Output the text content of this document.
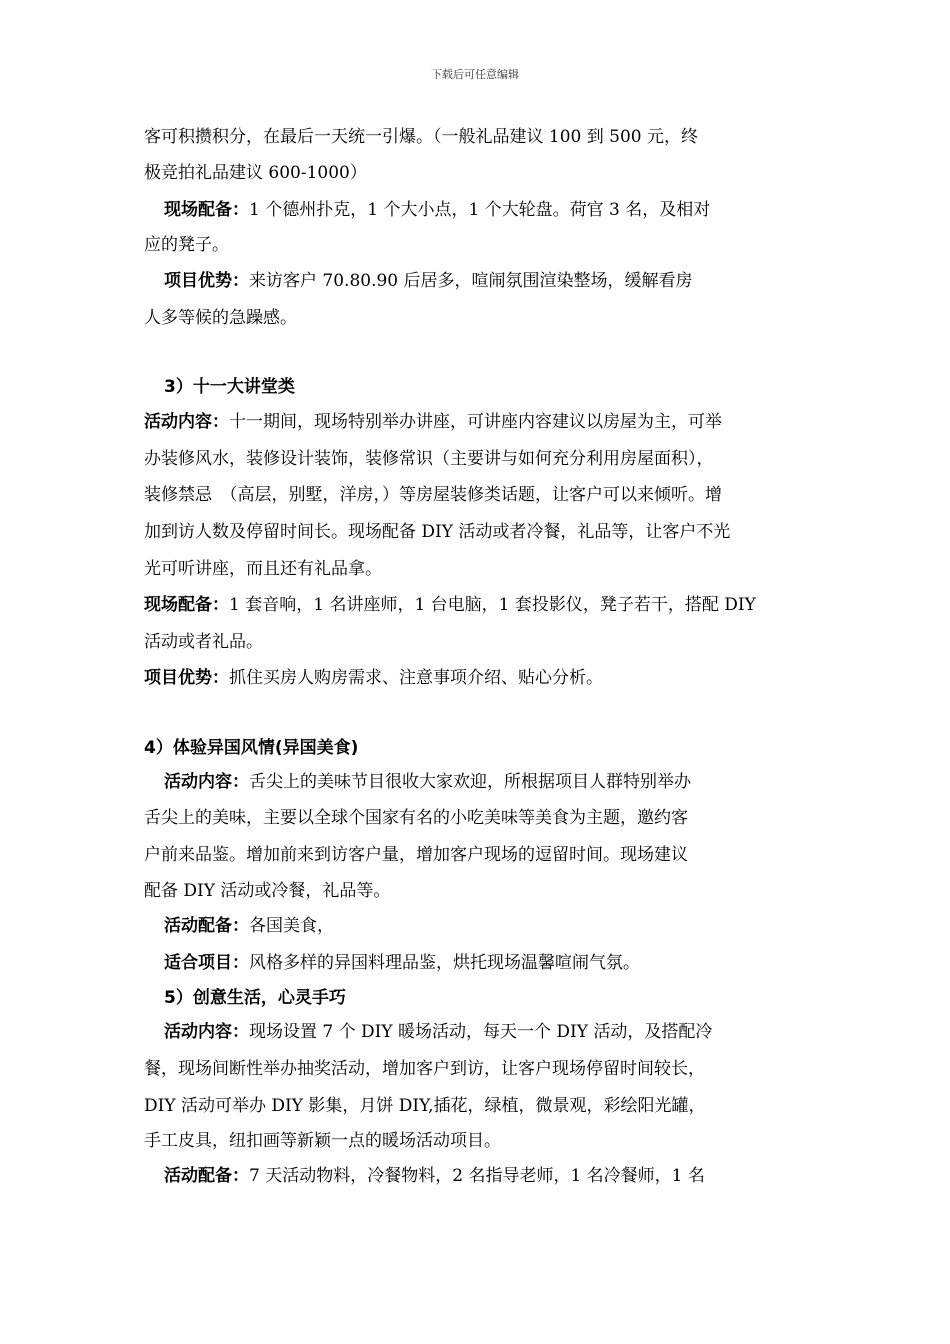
下载后可任意编辑
客可积攒积分，在最后一天统一引爆。（一般礼品建议 100 到 500 元，终
极竞拍礼品建议 600-1000）
现场配备：1 个德州扑克，1 个大小点，1 个大轮盘。荷官 3 名，及相对
应的凳子。
项目优势：来访客户 70.80.90 后居多，喧闹氛围渲染整场，缓解看房
人多等候的急躁感。
3）十一大讲堂类
活动内容：十一期间，现场特别举办讲座，可讲座内容建议以房屋为主，可举
办装修风水，装修设计装饰，装修常识（主要讲与如何充分利用房屋面积），
装修禁忌　（高层，别墅，洋房，）等房屋装修类话题，让客户可以来倾听。增
加到访人数及停留时间长。现场配备 DIY 活动或者冷餐，礼品等，让客户不光
光可听讲座，而且还有礼品拿。
现场配备：1 套音响，1 名讲座师，1 台电脑，1 套投影仪，凳子若干，搭配 DIY
活动或者礼品。
项目优势：抓住买房人购房需求、注意事项介绍、贴心分析。
4）体验异国风情(异国美食)
活动内容：舌尖上的美味节目很收大家欢迎，所根据项目人群特别举办
舌尖上的美味，主要以全球个国家有名的小吃美味等美食为主题，邀约客
户前来品鉴。增加前来到访客户量，增加客户现场的逗留时间。现场建议
配备 DIY 活动或冷餐，礼品等。
活动配备：各国美食，
适合项目：风格多样的异国料理品鉴，烘托现场温馨喧闹气氛。
5）创意生活，心灵手巧
活动内容：现场设置 7 个 DIY 暖场活动，每天一个 DIY 活动，及搭配冷
餐，现场间断性举办抽奖活动，增加客户到访，让客户现场停留时间较长，
DIY 活动可举办 DIY 影集，月饼 DIY,插花，绿植，微景观，彩绘阳光罐，
手工皮具，纽扣画等新颖一点的暖场活动项目。
活动配备：7 天活动物料，冷餐物料，2 名指导老师，1 名冷餐师，1 名
